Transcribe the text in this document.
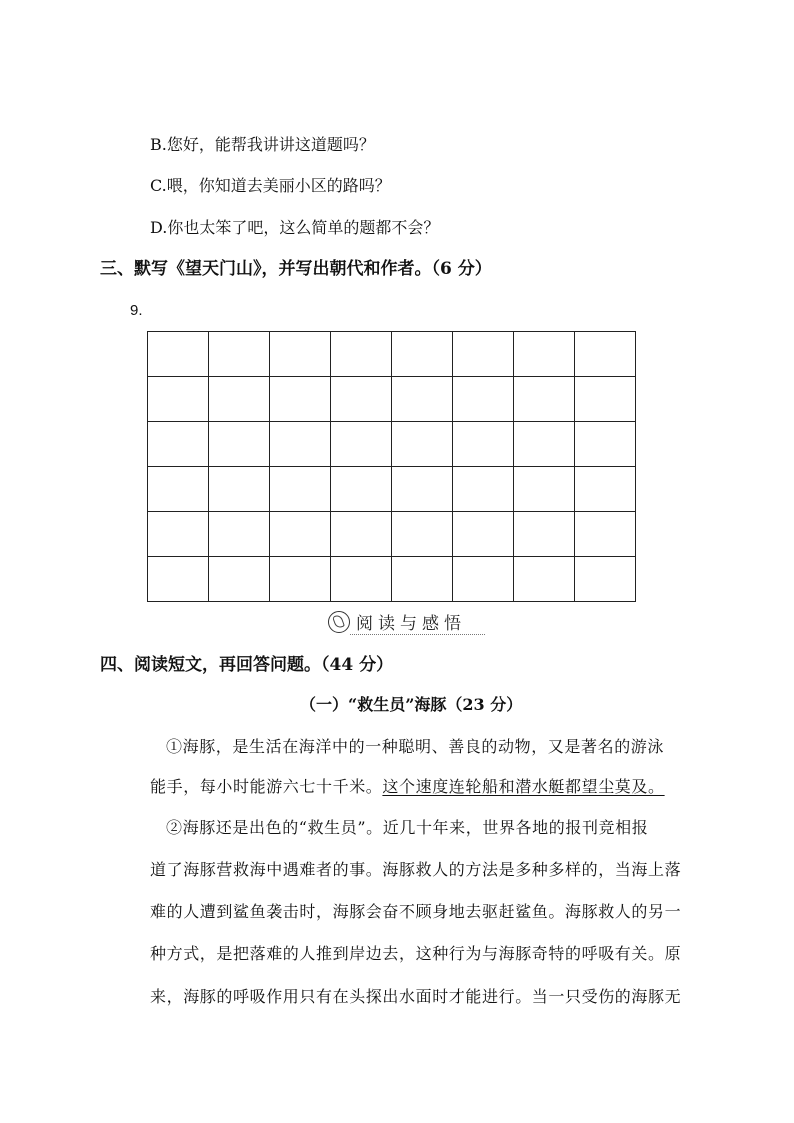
B.您好，能帮我讲讲这道题吗？
C.喂，你知道去美丽小区的路吗？
D.你也太笨了吧，这么简单的题都不会？
三、默写《望天门山》，并写出朝代和作者。（6 分）
9.

阅读与感悟
四、阅读短文，再回答问题。（44 分）
（一）“救生员”海豚（23 分）
①海豚，是生活在海洋中的一种聪明、善良的动物，又是著名的游泳
能手，每小时能游六七十千米。这个速度连轮船和潜水艇都望尘莫及。
②海豚还是出色的“救生员”。近几十年来，世界各地的报刊竞相报
道了海豚营救海中遇难者的事。海豚救人的方法是多种多样的，当海上落
难的人遭到鲨鱼袭击时，海豚会奋不顾身地去驱赶鲨鱼。海豚救人的另一
种方式，是把落难的人推到岸边去，这种行为与海豚奇特的呼吸有关。原
来，海豚的呼吸作用只有在头探出水面时才能进行。当一只受伤的海豚无
